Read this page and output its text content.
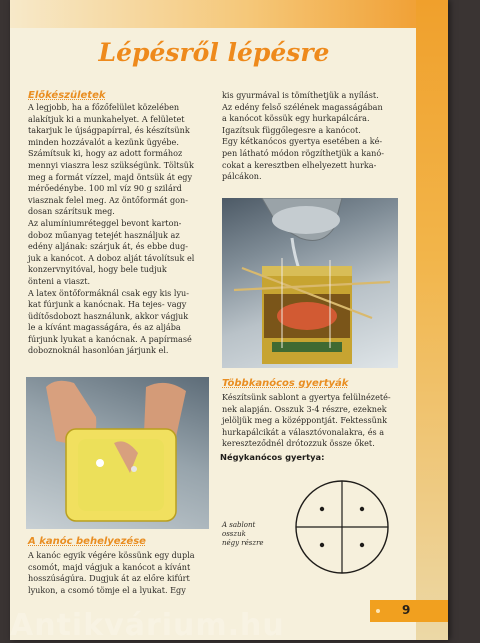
Lépésről lépésre
Előkészületek

A legjobb, ha a főzőfelület közelében
alakítjuk ki a munkahelyet. A felületet
takarjuk le újságpapírral, és készítsünk
minden hozzávalót a kezünk ügyébe.
Számítsuk ki, hogy az adott formához
mennyi viaszra lesz szükségünk. Töltsük
meg a formát vízzel, majd öntsük át egy
mérőedénybe. 100 ml víz 90 g szilárd
viasznak felel meg. Az öntőformát gon-
dosan szárítsuk meg.
Az alumíniumréteggel bevont karton-
doboz műanyag tetejét használjuk az
edény aljának: szárjuk át, és ebbe dug-
juk a kanócot. A doboz alját távolítsuk el
konzervnyitóval, hogy bele tudjuk
önteni a viaszt.
A latex öntőformáknál csak egy kis lyu-
kat fúrjunk a kanócnak. Ha tejes- vagy
üdítősdobozt használunk, akkor vágjuk
le a kívánt magasságára, és az aljába
fúrjunk lyukat a kanócnak. A papírmasé
doboznoknál hasonlóan járjunk el.

kis gyurmával is tömíthetjük a nyílást.
Az edény felső szélének magasságában
a kanócot kössük egy hurkapálcára.
Igazítsuk függőlegesre a kanócot.
Egy kétkanócos gyertya esetében a ké-
pen látható módon rögzíthetjük a kanó-
cokat a keresztben elhelyezett hurka-
pálcákon.

Többkanócos gyertyák

Készítsünk sablont a gyertya felülnézeté-
nek alapján. Osszuk 3-4 részre, ezeknek
jelöljük meg a középpontját. Fektessünk
hurkapálcikát a választóvonalakra, és a
kereszteződnél drótozzuk össze őket.

Négykanócos gyertya:
A sablont
osszuk
négy részre
A kanóc behelyezése

A kanóc egyik végére kössünk egy dupla
csomót, majd vágjuk a kanócot a kívánt
hosszúságúra. Dugjuk át az előre kifúrt
lyukon, a csomó tömje el a lyukat. Egy

9
Antikvárium.hu
